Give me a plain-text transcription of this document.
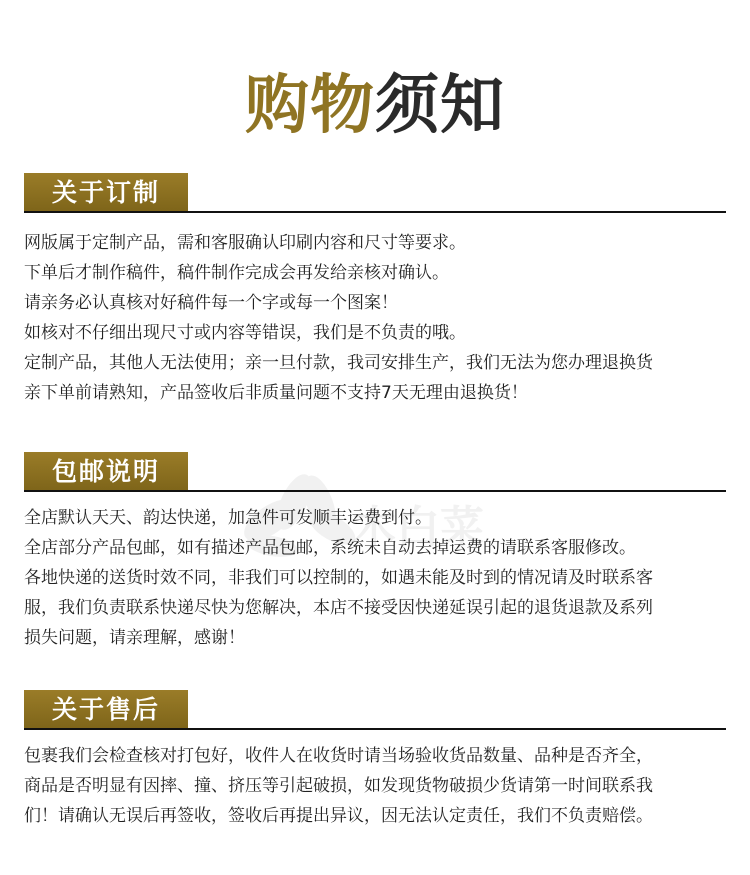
购物须知
关于订制

网版属于定制产品，需和客服确认印刷内容和尺寸等要求。

下单后才制作稿件，稿件制作完成会再发给亲核对确认。

请亲务必认真核对好稿件每一个字或每一个图案！

如核对不仔细出现尺寸或内容等错误，我们是不负责的哦。

定制产品，其他人无法使用；亲一旦付款，我司安排生产，我们无法为您办理退换货

亲下单前请熟知，产品签收后非质量问题不支持7天无理由退换货！

包邮说明

全店默认天天、韵达快递，加急件可发顺丰运费到付。

全店部分产品包邮，如有描述产品包邮，系统未自动去掉运费的请联系客服修改。

各地快递的送货时效不同，非我们可以控制的，如遇未能及时到的情况请及时联系客

服，我们负责联系快递尽快为您解决，本店不接受因快递延误引起的退货退款及系列

损失问题，请亲理解，感谢！

关于售后

包裹我们会检查核对打包好，收件人在收货时请当场验收货品数量、品种是否齐全，

商品是否明显有因摔、撞、挤压等引起破损，如发现货物破损少货请第一时间联系我

们！请确认无误后再签收，签收后再提出异议，因无法认定责任，我们不负责赔偿。

木白菜
